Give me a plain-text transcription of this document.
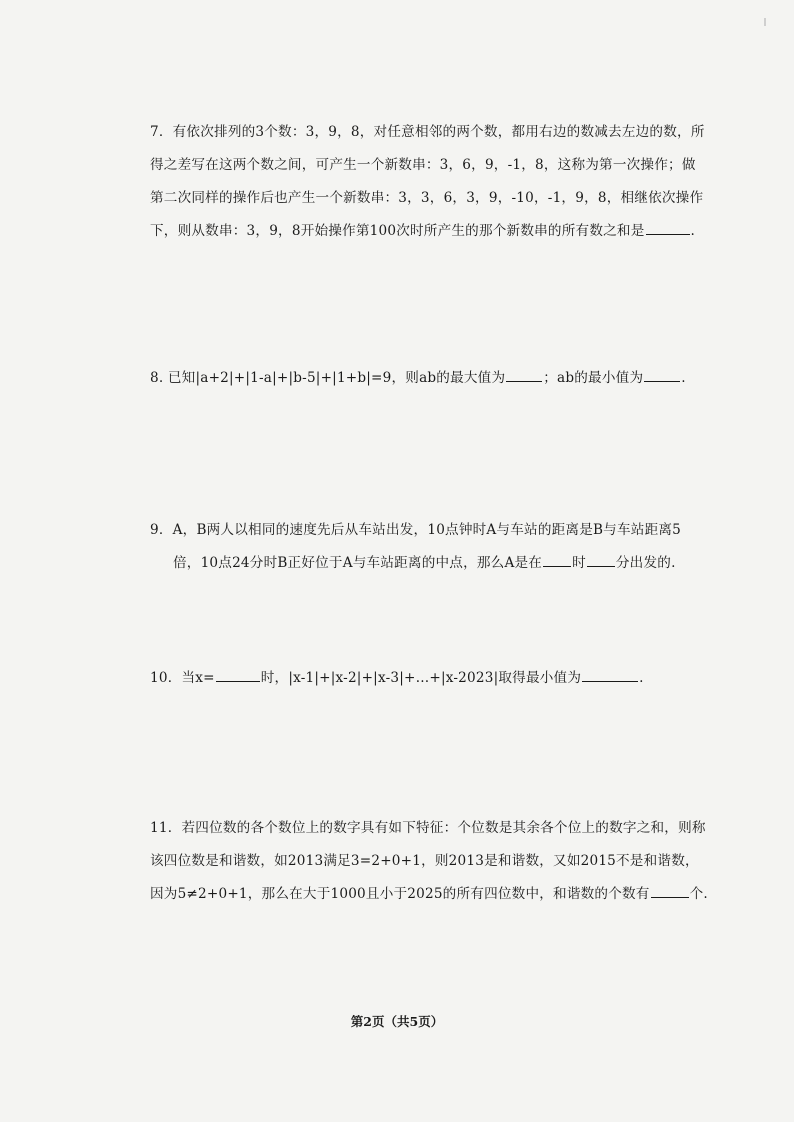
7．有依次排列的3个数：3，9，8，对任意相邻的两个数，都用右边的数减去左边的数，所
得之差写在这两个数之间，可产生一个新数串：3，6，9，-1，8，这称为第一次操作；做
第二次同样的操作后也产生一个新数串：3，3，6，3，9，-10，-1，9，8，相继依次操作
下，则从数串：3，9，8开始操作第100次时所产生的那个新数串的所有数之和是	.
8. 已知|a+2|+|1-a|+|b-5|+|1+b|=9，则ab的最大值为	；ab的最小值为	.
9．A，B两人以相同的速度先后从车站出发，10点钟时A与车站的距离是B与车站距离5
倍，10点24分时B正好位于A与车站距离的中点，那么A是在 时 分出发的.
10．当x=	时，|x-1|+|x-2|+|x-3|+…+|x-2023|取得最小值为	.
11．若四位数的各个数位上的数字具有如下特征：个位数是其余各个位上的数字之和，则称
该四位数是和谐数，如2013满足3=2+0+1，则2013是和谐数，又如2015不是和谐数，
因为5≠2+0+1，那么在大于1000且小于2025的所有四位数中，和谐数的个数有	个.
第2页（共5页）
